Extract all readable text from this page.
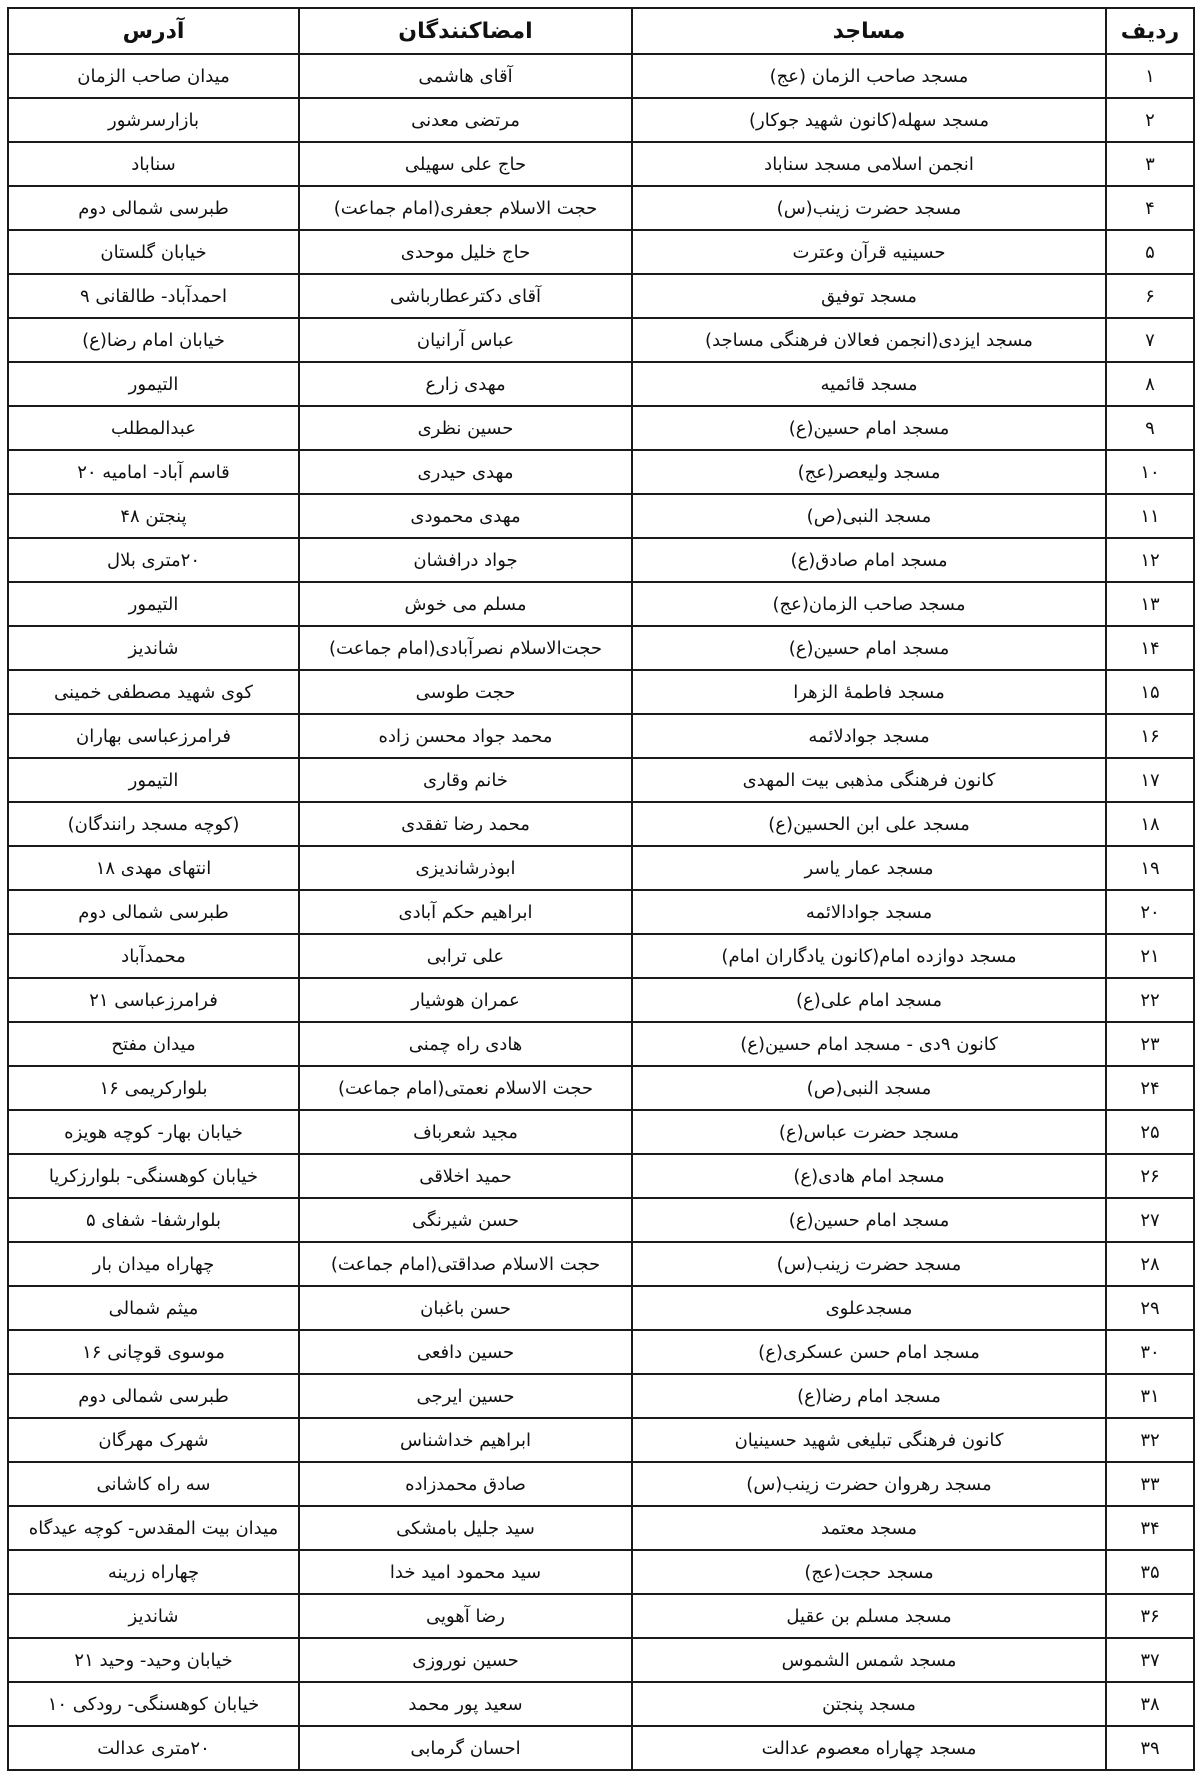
ردیف	مساجد	امضاکنندگان	آدرس
۱	مسجد صاحب الزمان (عج)	آقای هاشمی	میدان صاحب الزمان
۲	مسجد سهله(کانون شهید جوکار)	مرتضی معدنی	بازارسرشور
۳	انجمن اسلامی مسجد سناباد	حاج علی سهیلی	سناباد
۴	مسجد حضرت زینب(س)	حجت الاسلام جعفری(امام جماعت)	طبرسی شمالی دوم
۵	حسینیه قرآن وعترت	حاج خلیل موحدی	خیابان گلستان
۶	مسجد توفیق	آقای دکترعطارباشی	احمدآباد- طالقانی ۹
۷	مسجد ایزدی(انجمن فعالان فرهنگی مساجد)	عباس آرانیان	خیابان امام رضا(ع)
۸	مسجد قائمیه	مهدی زارع	التیمور
۹	مسجد امام حسین(ع)	حسین نظری	عبدالمطلب
۱۰	مسجد ولیعصر(عج)	مهدی حیدری	قاسم آباد- امامیه ۲۰
۱۱	مسجد النبی(ص)	مهدی محمودی	پنجتن ۴۸
۱۲	مسجد امام صادق(ع)	جواد درافشان	۲۰متری بلال
۱۳	مسجد صاحب الزمان(عج)	مسلم می خوش	التیمور
۱۴	مسجد امام حسین(ع)	حجت‌الاسلام نصرآبادی(امام جماعت)	شاندیز
۱۵	مسجد فاطمهٔ الزهرا	حجت طوسی	کوی شهید مصطفی خمینی
۱۶	مسجد جوادلائمه	محمد جواد محسن زاده	فرامرزعباسی بهاران
۱۷	کانون فرهنگی مذهبی بیت المهدی	خانم وقاری	التیمور
۱۸	مسجد علی ابن الحسین(ع)	محمد رضا تفقدی	(کوچه مسجد رانندگان)
۱۹	مسجد عمار یاسر	ابوذرشاندیزی	انتهای مهدی ۱۸
۲۰	مسجد جوادالائمه	ابراهیم حکم آبادی	طبرسی شمالی دوم
۲۱	مسجد دوازده امام(کانون یادگاران امام)	علی ترابی	محمدآباد
۲۲	مسجد امام علی(ع)	عمران هوشیار	فرامرزعباسی ۲۱
۲۳	کانون ۹دی - مسجد امام حسین(ع)	هادی راه چمنی	میدان مفتح
۲۴	مسجد النبی(ص)	حجت الاسلام نعمتی(امام جماعت)	بلوارکریمی ۱۶
۲۵	مسجد حضرت عباس(ع)	مجید شعرباف	خیابان بهار- کوچه هویزه
۲۶	مسجد امام هادی(ع)	حمید اخلاقی	خیابان کوهسنگی- بلوارزکریا
۲۷	مسجد امام حسین(ع)	حسن شیرنگی	بلوارشفا- شفای ۵
۲۸	مسجد حضرت زینب(س)	حجت الاسلام صداقتی(امام جماعت)	چهاراه میدان بار
۲۹	مسجدعلوی	حسن باغبان	میثم شمالی
۳۰	مسجد امام حسن عسکری(ع)	حسین دافعی	موسوی قوچانی ۱۶
۳۱	مسجد امام رضا(ع)	حسین ایرجی	طبرسی شمالی دوم
۳۲	کانون فرهنگی تبلیغی شهید حسینیان	ابراهیم خداشناس	شهرک مهرگان
۳۳	مسجد رهروان حضرت زینب(س)	صادق محمدزاده	سه راه کاشانی
۳۴	مسجد معتمد	سید جلیل بامشکی	میدان بیت المقدس- کوچه عیدگاه
۳۵	مسجد حجت(عج)	سید محمود امید خدا	چهاراه زرینه
۳۶	مسجد مسلم بن عقیل	رضا آهویی	شاندیز
۳۷	مسجد شمس الشموس	حسین نوروزی	خیابان وحید- وحید ۲۱
۳۸	مسجد پنجتن	سعید پور محمد	خیابان کوهسنگی- رودکی ۱۰
۳۹	مسجد چهاراه معصوم عدالت	احسان گرمابی	۲۰متری عدالت
